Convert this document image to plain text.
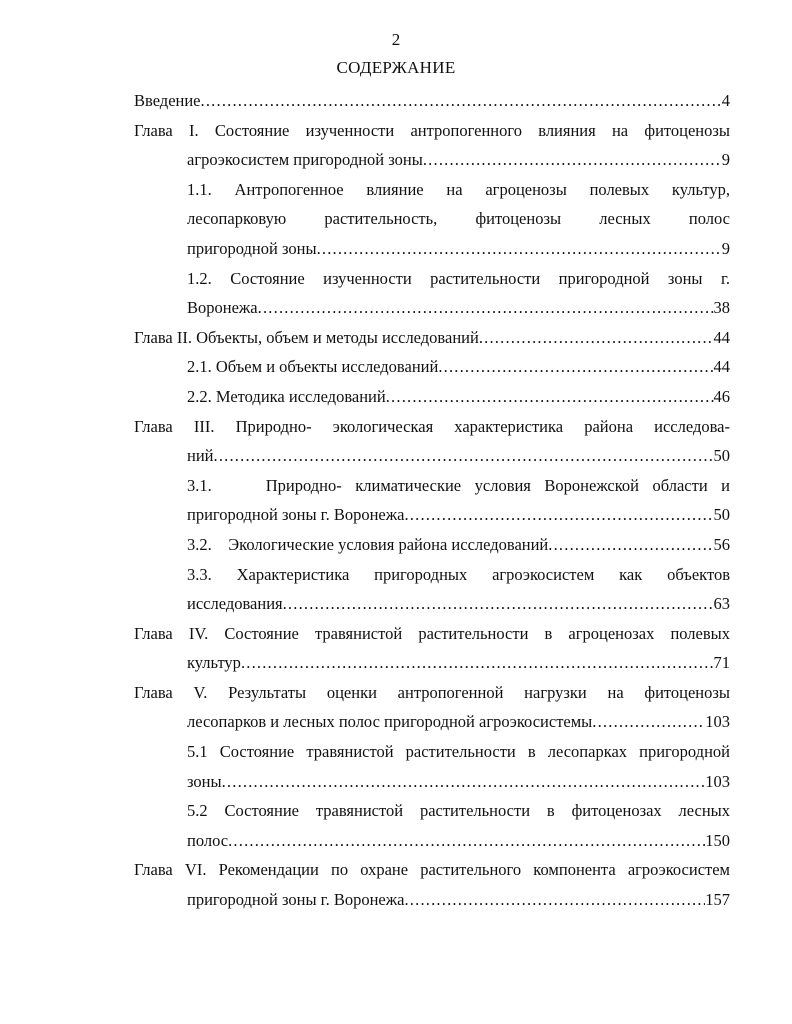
2
СОДЕРЖАНИЕ
Введение .....	4
Глава I. Состояние изученности антропогенного влияния на фитоценозы
агроэкосистем пригородной зоны .....	9
1.1. Антропогенное влияние на агроценозы полевых культур,
лесопарковую растительность, фитоценозы лесных полос
пригородной зоны .....	9
1.2. Состояние изученности растительности пригородной зоны г.
Воронежа .....	38
Глава II. Объекты, объем и методы исследований .....	44
2.1. Объем и объекты исследований .....	44
2.2. Методика исследований .....	46
Глава III. Природно- экологическая характеристика района исследова-
ний .....	50
3.1.    Природно- климатические условия Воронежской области и
пригородной зоны г. Воронежа .....	50
3.2.    Экологические условия района исследований .....	56
3.3. Характеристика пригородных агроэкосистем как объектов
исследования .....	63
Глава IV. Состояние травянистой растительности в агроценозах полевых
культур .....	71
Глава V. Результаты оценки антропогенной нагрузки на фитоценозы
лесопарков и лесных полос пригородной агроэкосистемы .....	103
5.1 Состояние травянистой растительности в лесопарках пригородной
зоны .....	103
5.2 Состояние травянистой растительности в фитоценозах лесных
полос .....	150
Глава VI. Рекомендации по охране растительного компонента агроэкосистем
пригородной зоны г. Воронежа .....	157
